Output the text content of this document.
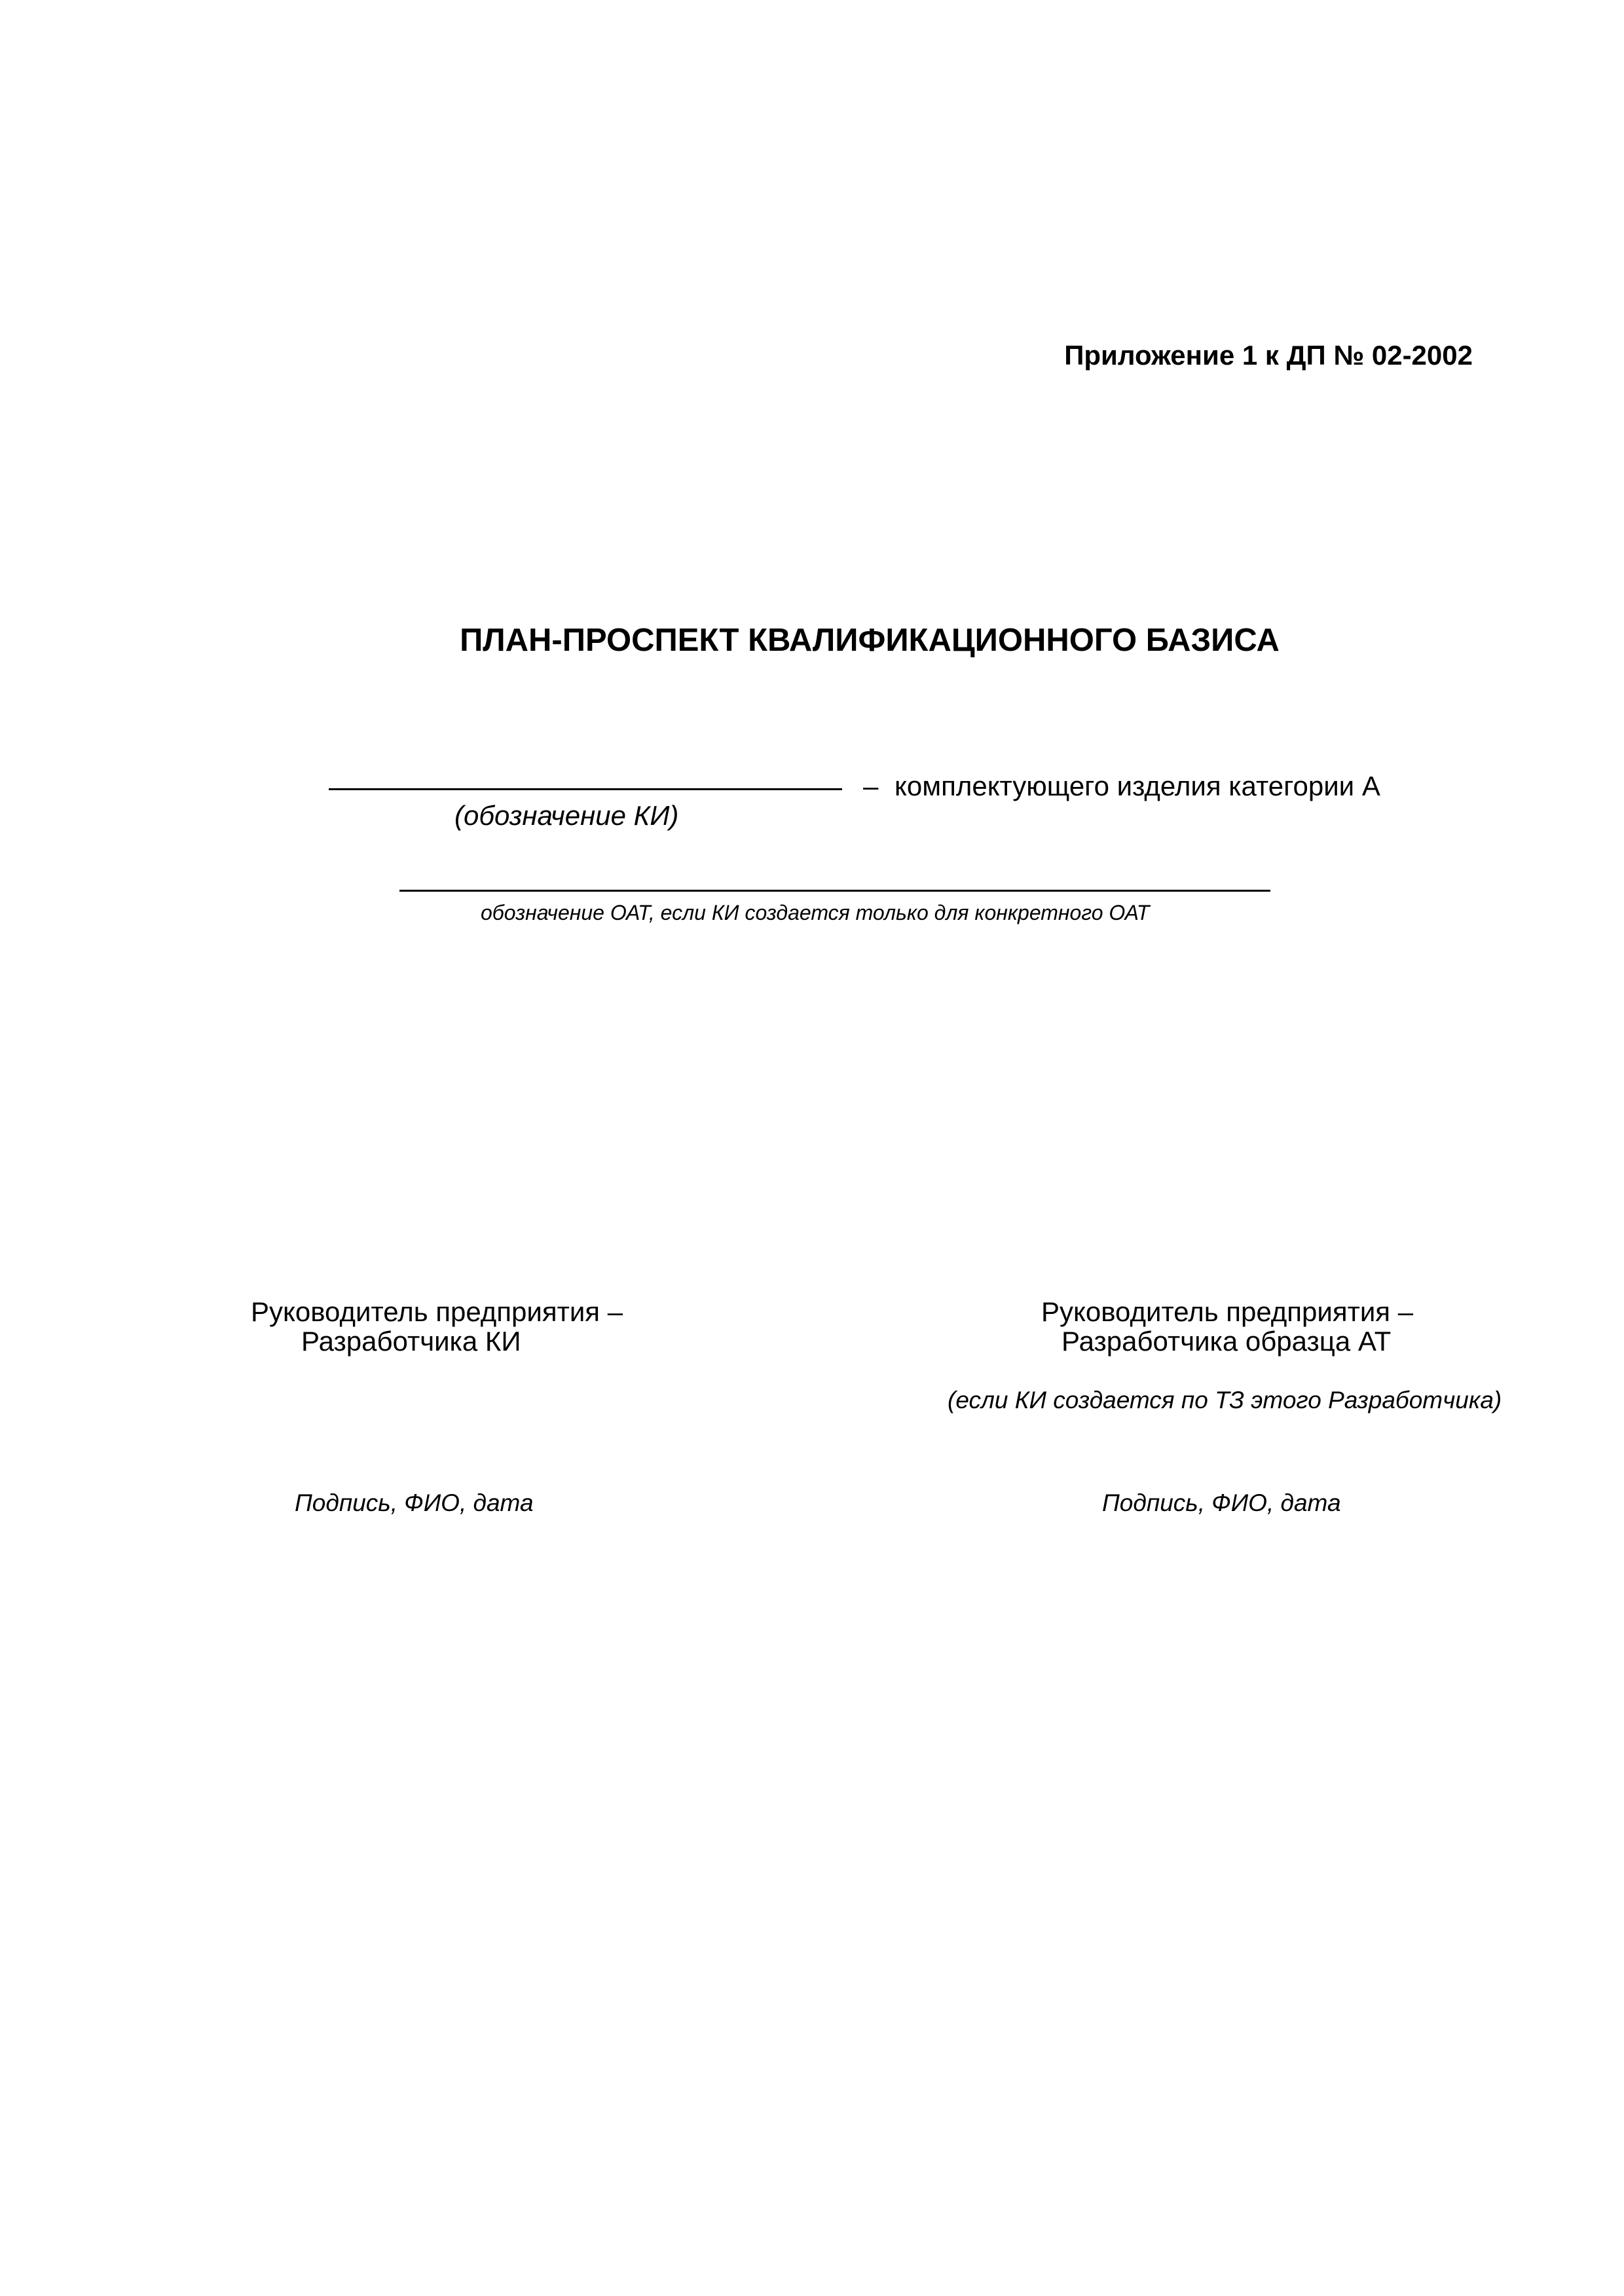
Приложение 1 к ДП № 02-2002
ПЛАН-ПРОСПЕКТ КВАЛИФИКАЦИОННОГО БАЗИСА
– комплектующего изделия категории А
(обозначение КИ)
обозначение ОАТ, если КИ создается только для конкретного ОАТ
Руководитель предприятия –
Разработчика КИ
Руководитель предприятия –
Разработчика образца АТ
(если КИ создается по ТЗ этого Разработчика)
Подпись, ФИО, дата	Подпись, ФИО, дата
